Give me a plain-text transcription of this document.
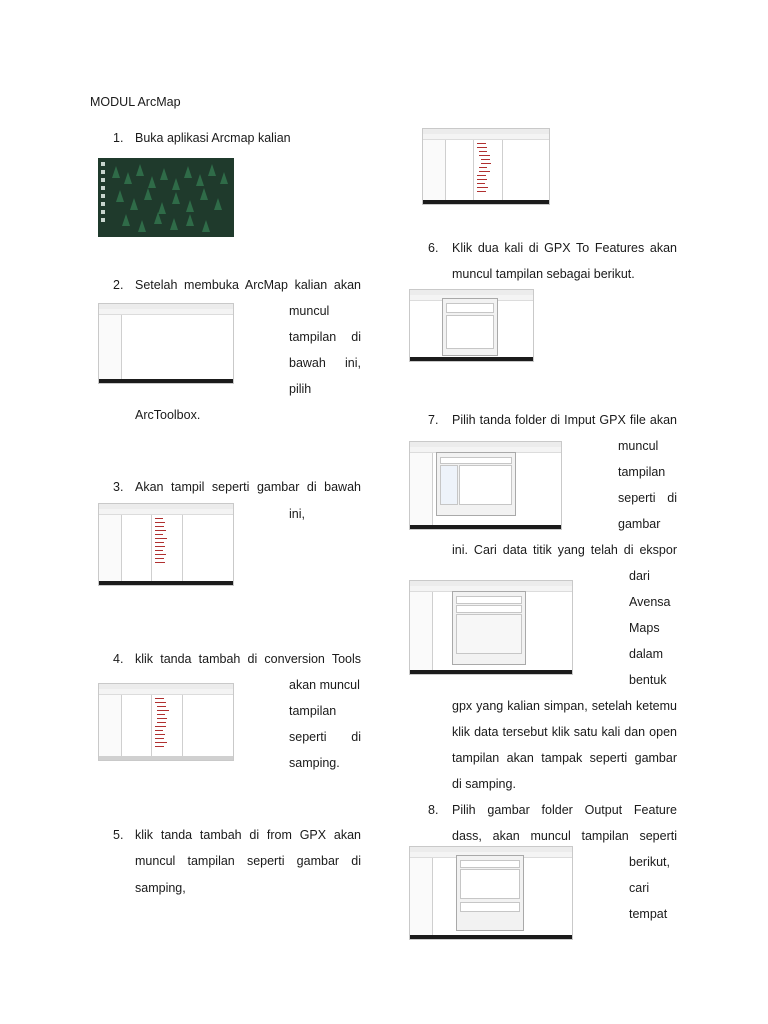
MODUL ArcMap
1. Buka aplikasi Arcmap kalian
2. Setelah membuka ArcMap kalian akan
muncul
tampilan di
bawah ini,
pilih
ArcToolbox.
3. Akan tampil seperti gambar di bawah
ini,
4. klik tanda tambah di conversion Tools
akan muncul
tampilan
seperti di
samping.
5. klik tanda tambah di from GPX akan
muncul tampilan seperti gambar di
samping,
6. Klik dua kali di GPX To Features akan
muncul tampilan sebagai berikut.
7. Pilih tanda folder di Imput GPX file akan
muncul
tampilan
seperti di
gambar
ini. Cari data titik yang telah di ekspor
dari
Avensa
Maps
dalam
bentuk
gpx yang kalian simpan, setelah ketemu
klik data tersebut klik satu kali dan open
tampilan akan tampak seperti gambar
di samping.
8. Pilih gambar folder Output Feature
dass, akan muncul tampilan seperti
berikut,
cari
tempat
